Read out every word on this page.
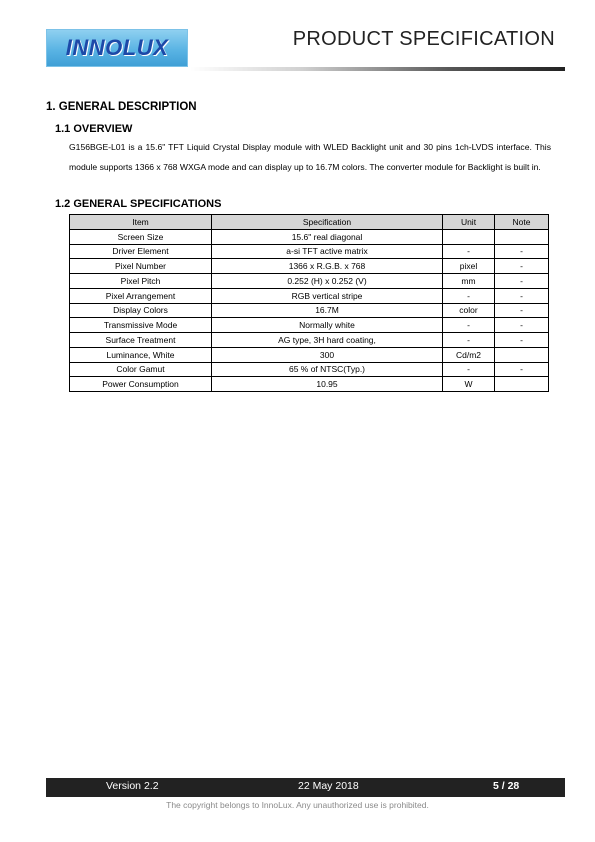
INNOLUX	PRODUCT SPECIFICATION
1. GENERAL DESCRIPTION
1.1 OVERVIEW
G156BGE-L01 is a 15.6" TFT Liquid Crystal Display module with WLED Backlight unit and 30 pins 1ch-LVDS interface. This module supports 1366 x 768 WXGA mode and can display up to 16.7M colors. The converter module for Backlight is built in.
1.2 GENERAL SPECIFICATIONS
Item	Specification	Unit	Note
Screen Size	15.6" real diagonal		
Driver Element	a-si TFT active matrix	-	-
Pixel Number	1366 x R.G.B. x 768	pixel	-
Pixel Pitch	0.252 (H) x 0.252 (V)	mm	-
Pixel Arrangement	RGB vertical stripe	-	-
Display Colors	16.7M	color	-
Transmissive Mode	Normally white	-	-
Surface Treatment	AG type, 3H hard coating,	-	-
Luminance, White	300	Cd/m2	
Color Gamut	65 % of NTSC(Typ.)	-	-
Power Consumption	10.95	W	
Version 2.2	22 May 2018	5 / 28
The copyright belongs to InnoLux. Any unauthorized use is prohibited.
